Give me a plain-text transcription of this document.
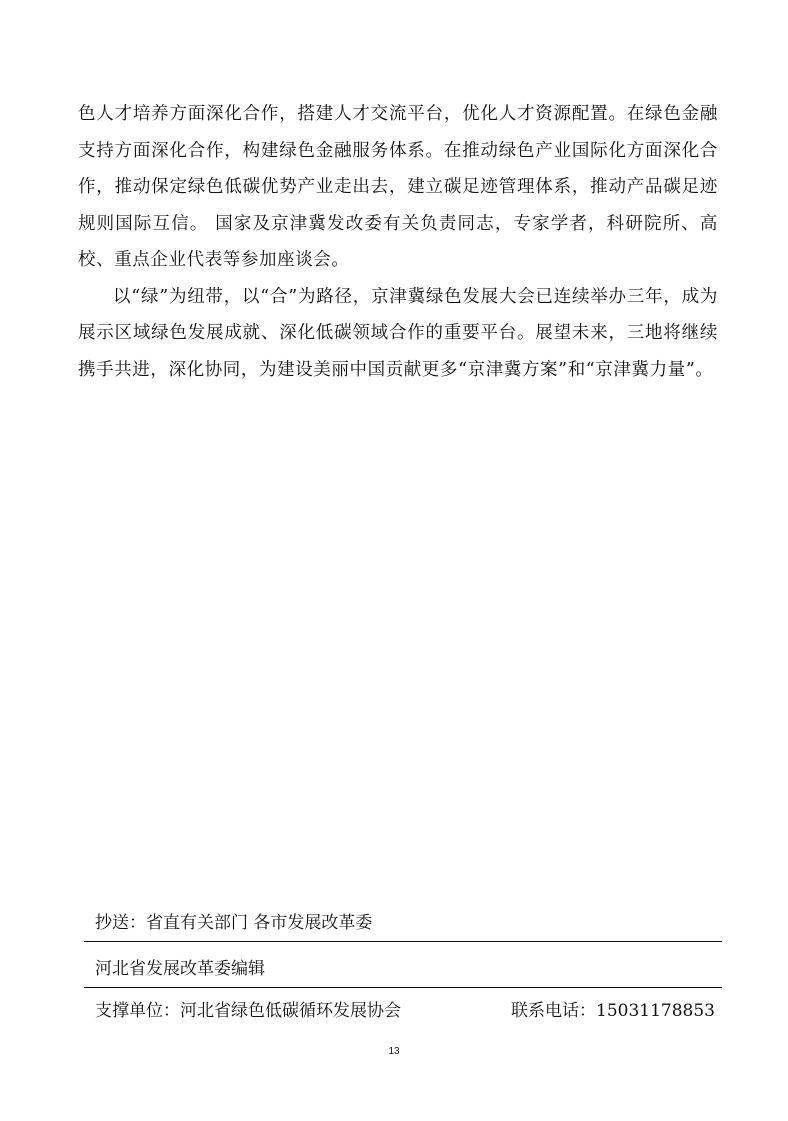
色人才培养方面深化合作，搭建人才交流平台，优化人才资源配置。在绿色金融支持方面深化合作，构建绿色金融服务体系。在推动绿色产业国际化方面深化合作，推动保定绿色低碳优势产业走出去，建立碳足迹管理体系，推动产品碳足迹规则国际互信。 国家及京津冀发改委有关负责同志，专家学者，科研院所、高校、重点企业代表等参加座谈会。

以“绿”为纽带，以“合”为路径，京津冀绿色发展大会已连续举办三年，成为展示区域绿色发展成就、深化低碳领域合作的重要平台。展望未来，三地将继续携手共进，深化协同，为建设美丽中国贡献更多“京津冀方案”和“京津冀力量”。

抄送：省直有关部门 各市发展改革委
河北省发展改革委编辑
支撑单位：河北省绿色低碳循环发展协会	联系电话：15031178853
13
